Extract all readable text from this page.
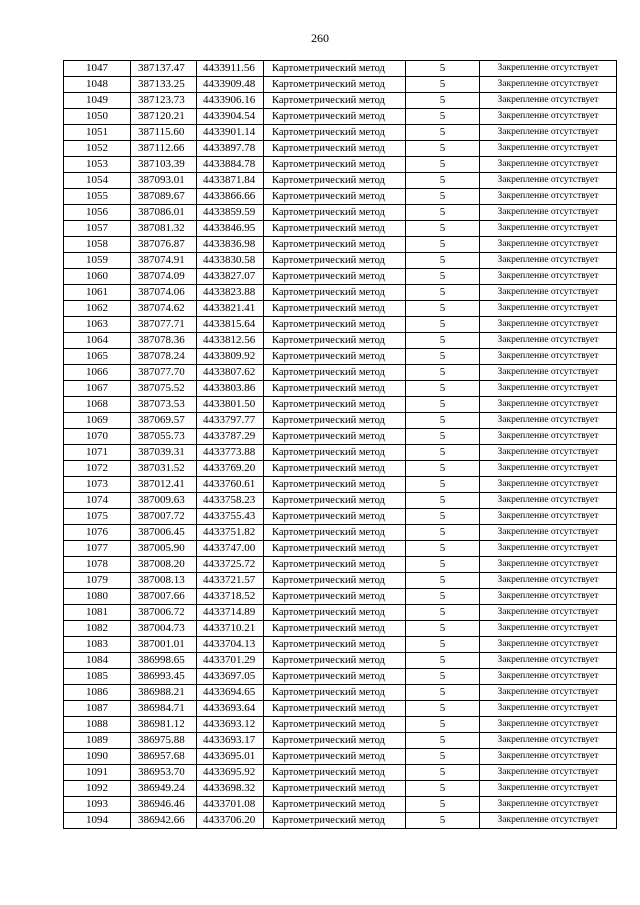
260
1047	387137.47	4433911.56	Картометрический метод	5	Закрепление отсутствует
1048	387133.25	4433909.48	Картометрический метод	5	Закрепление отсутствует
1049	387123.73	4433906.16	Картометрический метод	5	Закрепление отсутствует
1050	387120.21	4433904.54	Картометрический метод	5	Закрепление отсутствует
1051	387115.60	4433901.14	Картометрический метод	5	Закрепление отсутствует
1052	387112.66	4433897.78	Картометрический метод	5	Закрепление отсутствует
1053	387103.39	4433884.78	Картометрический метод	5	Закрепление отсутствует
1054	387093.01	4433871.84	Картометрический метод	5	Закрепление отсутствует
1055	387089.67	4433866.66	Картометрический метод	5	Закрепление отсутствует
1056	387086.01	4433859.59	Картометрический метод	5	Закрепление отсутствует
1057	387081.32	4433846.95	Картометрический метод	5	Закрепление отсутствует
1058	387076.87	4433836.98	Картометрический метод	5	Закрепление отсутствует
1059	387074.91	4433830.58	Картометрический метод	5	Закрепление отсутствует
1060	387074.09	4433827.07	Картометрический метод	5	Закрепление отсутствует
1061	387074.06	4433823.88	Картометрический метод	5	Закрепление отсутствует
1062	387074.62	4433821.41	Картометрический метод	5	Закрепление отсутствует
1063	387077.71	4433815.64	Картометрический метод	5	Закрепление отсутствует
1064	387078.36	4433812.56	Картометрический метод	5	Закрепление отсутствует
1065	387078.24	4433809.92	Картометрический метод	5	Закрепление отсутствует
1066	387077.70	4433807.62	Картометрический метод	5	Закрепление отсутствует
1067	387075.52	4433803.86	Картометрический метод	5	Закрепление отсутствует
1068	387073.53	4433801.50	Картометрический метод	5	Закрепление отсутствует
1069	387069.57	4433797.77	Картометрический метод	5	Закрепление отсутствует
1070	387055.73	4433787.29	Картометрический метод	5	Закрепление отсутствует
1071	387039.31	4433773.88	Картометрический метод	5	Закрепление отсутствует
1072	387031.52	4433769.20	Картометрический метод	5	Закрепление отсутствует
1073	387012.41	4433760.61	Картометрический метод	5	Закрепление отсутствует
1074	387009.63	4433758.23	Картометрический метод	5	Закрепление отсутствует
1075	387007.72	4433755.43	Картометрический метод	5	Закрепление отсутствует
1076	387006.45	4433751.82	Картометрический метод	5	Закрепление отсутствует
1077	387005.90	4433747.00	Картометрический метод	5	Закрепление отсутствует
1078	387008.20	4433725.72	Картометрический метод	5	Закрепление отсутствует
1079	387008.13	4433721.57	Картометрический метод	5	Закрепление отсутствует
1080	387007.66	4433718.52	Картометрический метод	5	Закрепление отсутствует
1081	387006.72	4433714.89	Картометрический метод	5	Закрепление отсутствует
1082	387004.73	4433710.21	Картометрический метод	5	Закрепление отсутствует
1083	387001.01	4433704.13	Картометрический метод	5	Закрепление отсутствует
1084	386998.65	4433701.29	Картометрический метод	5	Закрепление отсутствует
1085	386993.45	4433697.05	Картометрический метод	5	Закрепление отсутствует
1086	386988.21	4433694.65	Картометрический метод	5	Закрепление отсутствует
1087	386984.71	4433693.64	Картометрический метод	5	Закрепление отсутствует
1088	386981.12	4433693.12	Картометрический метод	5	Закрепление отсутствует
1089	386975.88	4433693.17	Картометрический метод	5	Закрепление отсутствует
1090	386957.68	4433695.01	Картометрический метод	5	Закрепление отсутствует
1091	386953.70	4433695.92	Картометрический метод	5	Закрепление отсутствует
1092	386949.24	4433698.32	Картометрический метод	5	Закрепление отсутствует
1093	386946.46	4433701.08	Картометрический метод	5	Закрепление отсутствует
1094	386942.66	4433706.20	Картометрический метод	5	Закрепление отсутствует
